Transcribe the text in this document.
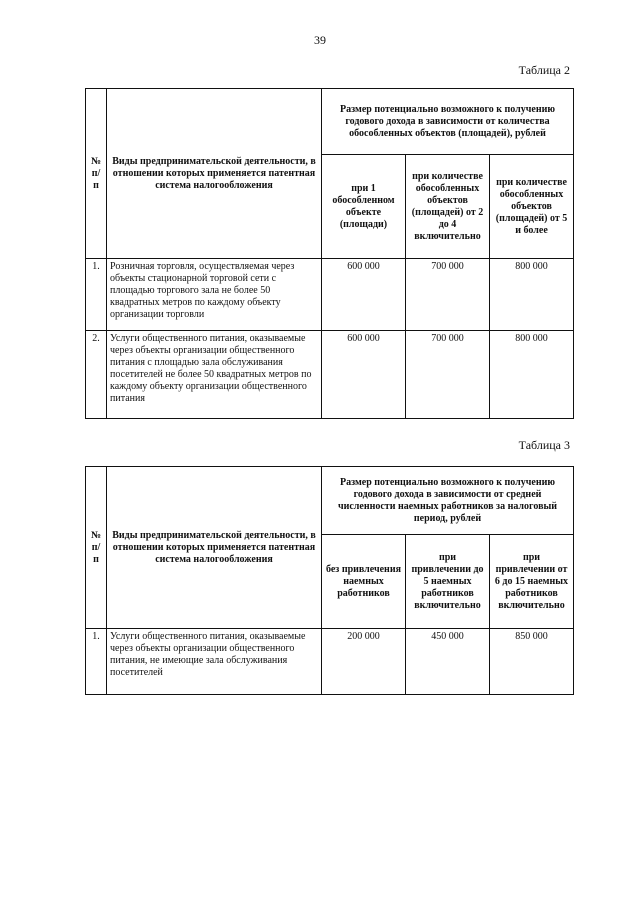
39
Таблица 2
№ п/п	Виды предпринимательской деятельности, в отношении которых применяется патентная система налогообложения	Размер потенциально возможного к получению годового дохода в зависимости от количества обособленных объектов (площадей), рублей		
		при 1 обособленном объекте (площади)	при количестве обособленных объектов (площадей) от 2 до 4 включительно	при количестве обособленных объектов (площадей) от 5 и более
1.	Розничная торговля, осуществляемая через объекты стационарной торговой сети с площадью торгового зала не более 50 квадратных метров по каждому объекту организации торговли	600 000	700 000	800 000
2.	Услуги общественного питания, оказываемые через объекты организации общественного питания с площадью зала обслуживания посетителей не более 50 квадратных метров по каждому объекту организации общественного питания	600 000	700 000	800 000
Таблица 3
№ п/п	Виды предпринимательской деятельности, в отношении которых применяется патентная система налогообложения	Размер потенциально возможного к получению годового дохода в зависимости от средней численности наемных работников за налоговый период, рублей		
		без привлечения наемных работников	при привлечении до 5 наемных работников включительно	при привлечении от 6 до 15 наемных работников включительно
1.	Услуги общественного питания, оказываемые через объекты организации общественного питания, не имеющие зала обслуживания посетителей	200 000	450 000	850 000
